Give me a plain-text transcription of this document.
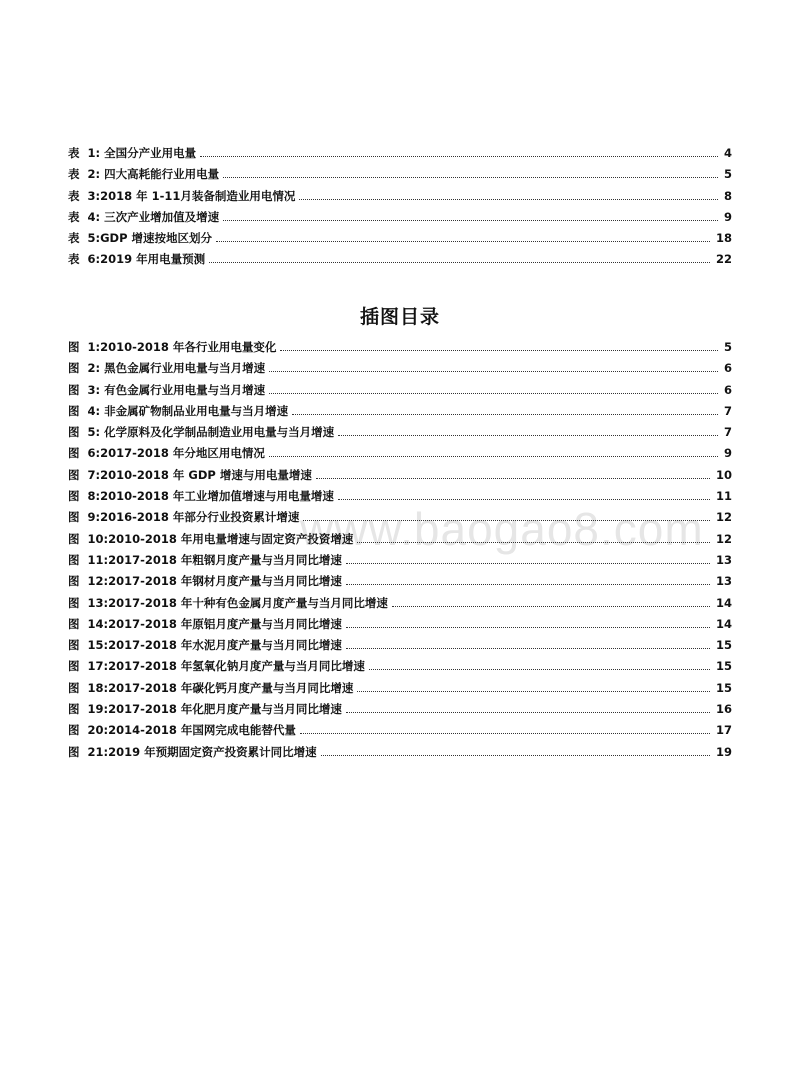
www.baogao8.com
表  1: 全国分产业用电量	4
表  2: 四大高耗能行业用电量	5
表  3:2018 年 1-11月装备制造业用电情况	8
表  4: 三次产业增加值及增速	9
表  5:GDP 增速按地区划分	18
表  6:2019 年用电量预测	22
插图目录
图  1:2010-2018 年各行业用电量变化	5
图  2: 黑色金属行业用电量与当月增速	6
图  3: 有色金属行业用电量与当月增速	6
图  4: 非金属矿物制品业用电量与当月增速	7
图  5: 化学原料及化学制品制造业用电量与当月增速	7
图  6:2017-2018 年分地区用电情况	9
图  7:2010-2018 年 GDP 增速与用电量增速	10
图  8:2010-2018 年工业增加值增速与用电量增速	11
图  9:2016-2018 年部分行业投资累计增速	12
图  10:2010-2018 年用电量增速与固定资产投资增速	12
图  11:2017-2018 年粗钢月度产量与当月同比增速	13
图  12:2017-2018 年钢材月度产量与当月同比增速	13
图  13:2017-2018 年十种有色金属月度产量与当月同比增速	14
图  14:2017-2018 年原铝月度产量与当月同比增速	14
图  15:2017-2018 年水泥月度产量与当月同比增速	15
图  17:2017-2018 年氢氧化钠月度产量与当月同比增速	15
图  18:2017-2018 年碳化钙月度产量与当月同比增速	15
图  19:2017-2018 年化肥月度产量与当月同比增速	16
图  20:2014-2018 年国网完成电能替代量	17
图  21:2019 年预期固定资产投资累计同比增速	19
